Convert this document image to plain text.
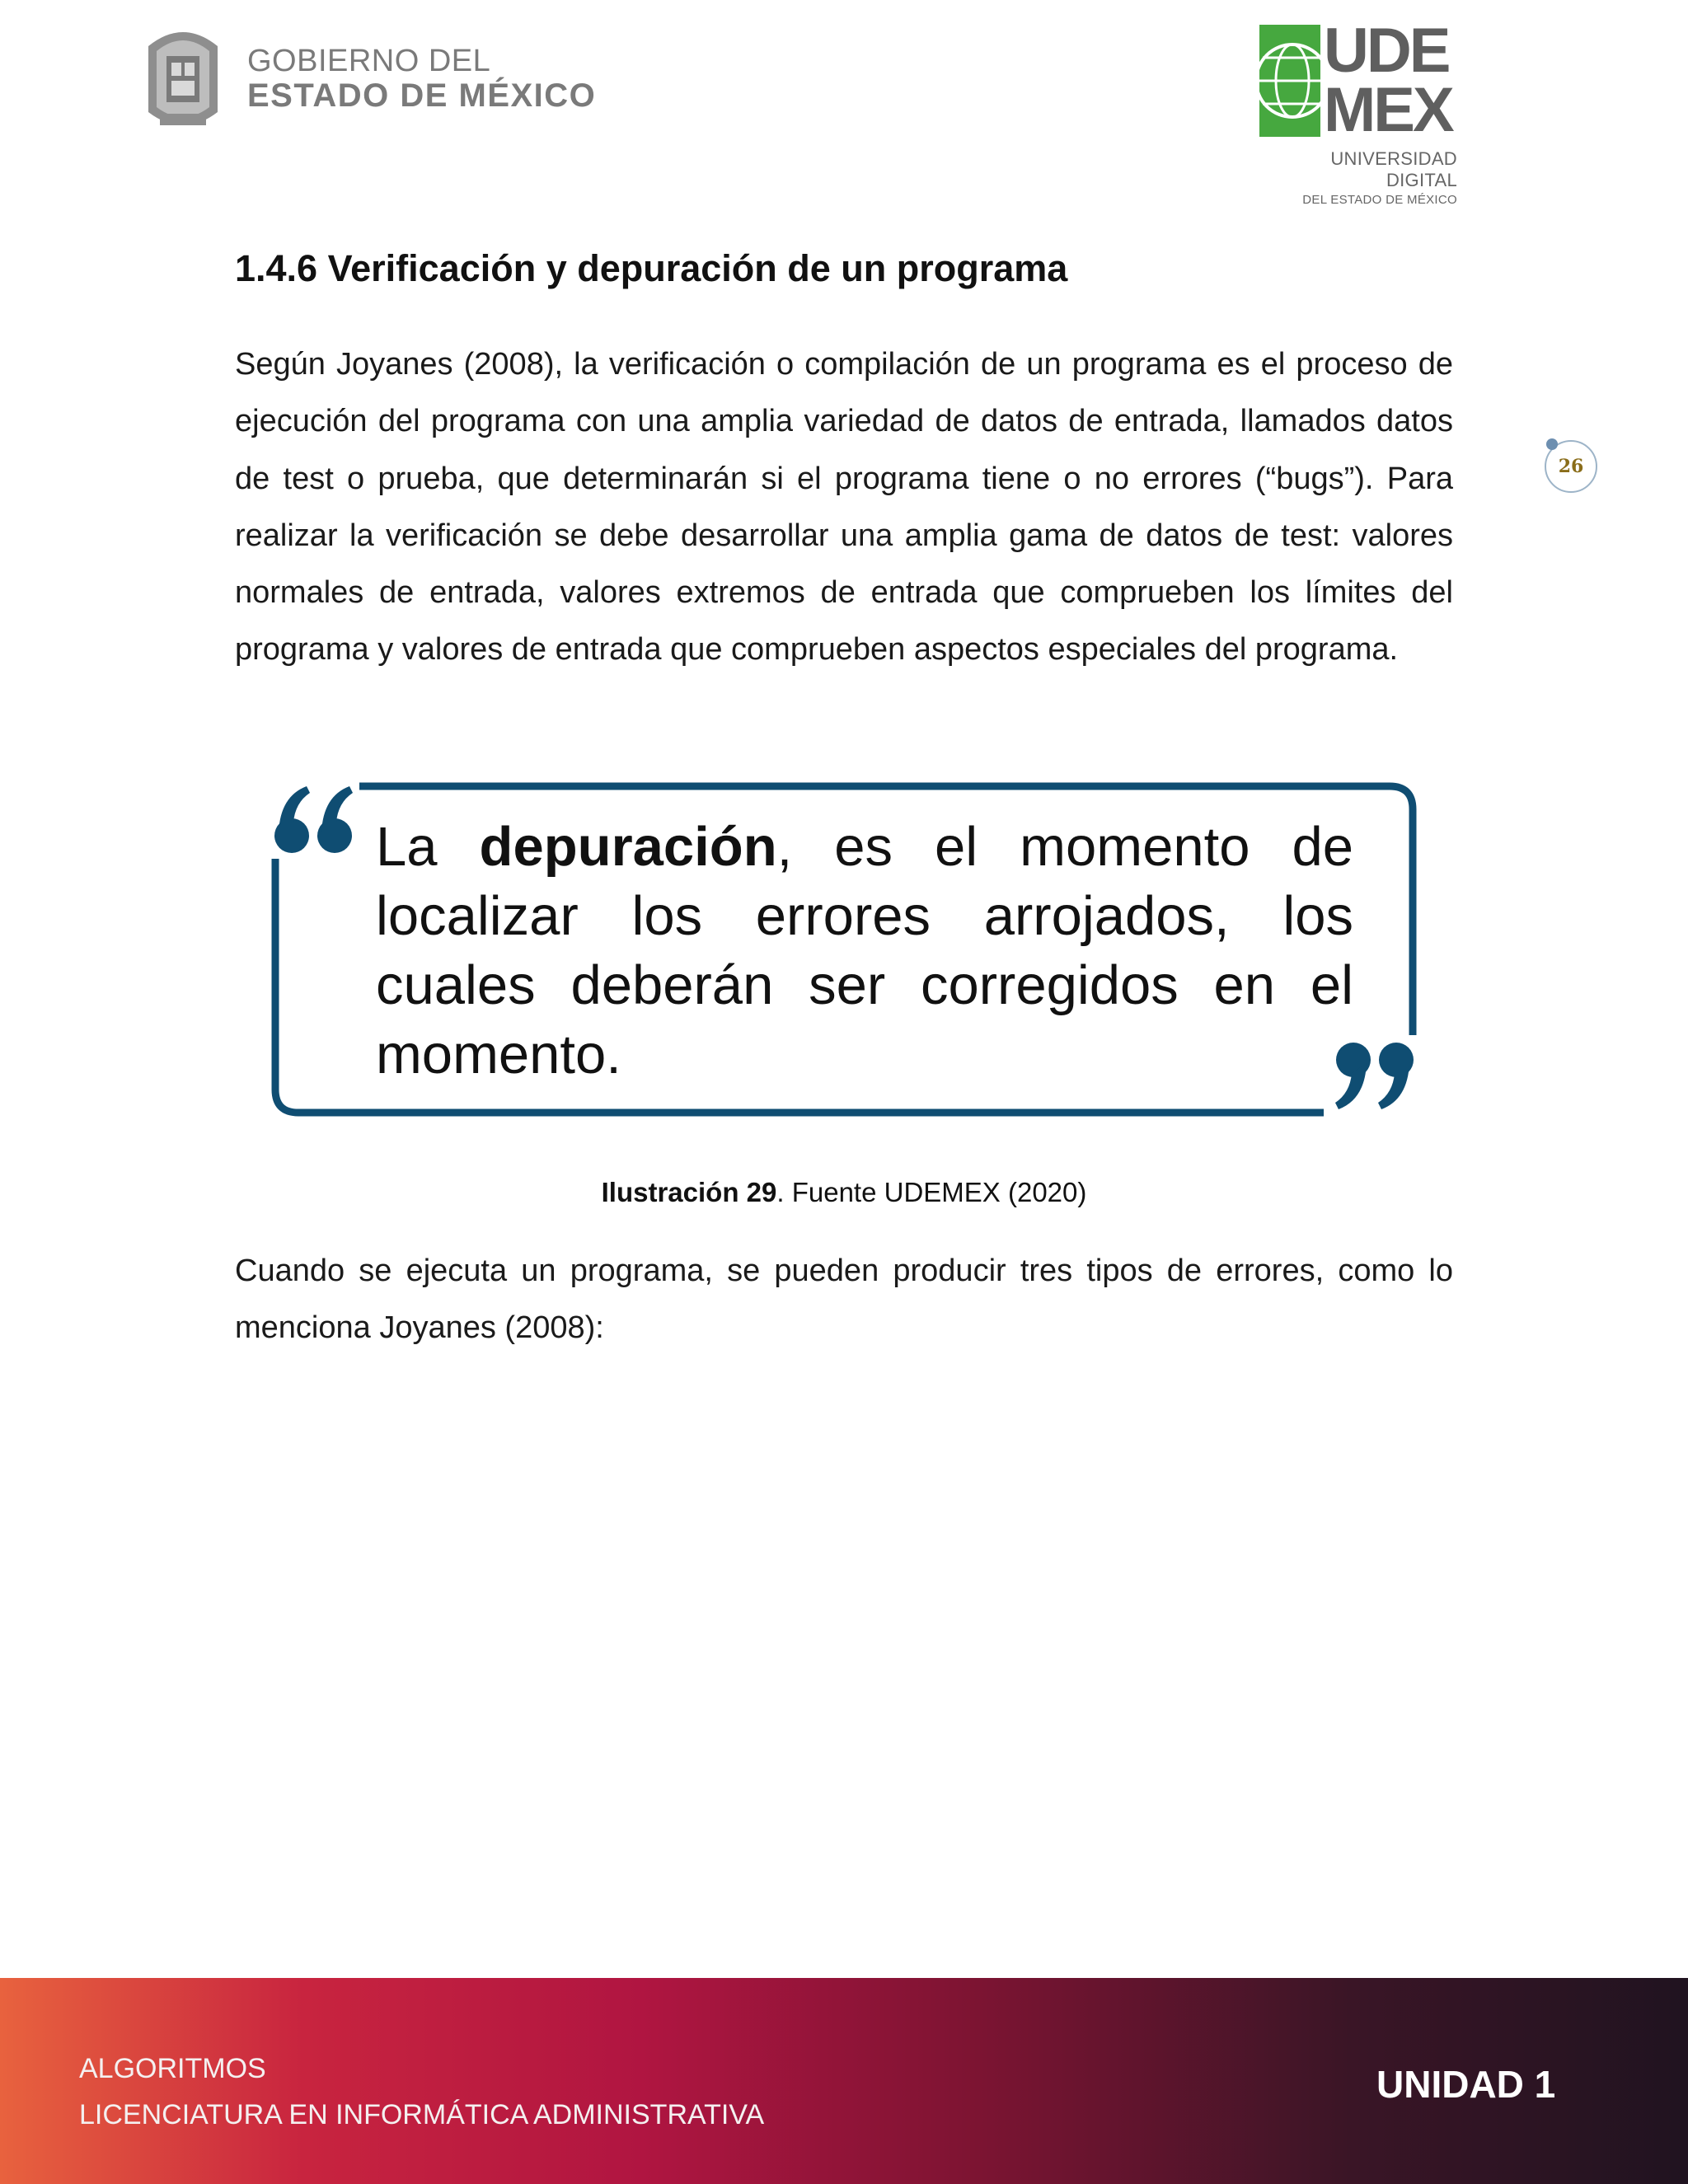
GOBIERNO DEL
ESTADO DE MÉXICO
UDE
MEX
UNIVERSIDAD DIGITAL
DEL ESTADO DE MÉXICO
26
1.4.6 Verificación y depuración de un programa

Según Joyanes (2008), la verificación o compilación de un programa es el proceso de ejecución del programa con una amplia variedad de datos de entrada, llamados datos de test o prueba, que determinarán si el programa tiene o no errores (“bugs”). Para realizar la verificación se debe desarrollar una amplia gama de datos de test: valores normales de entrada, valores extremos de entrada que comprueben los límites del programa y valores de entrada que comprueben aspectos especiales del programa.

La depuración, es el momento de localizar los errores arrojados, los cuales deberán ser corregidos en el momento.
Ilustración 29. Fuente UDEMEX (2020)

Cuando se ejecuta un programa, se pueden producir tres tipos de errores, como lo menciona Joyanes (2008):

ALGORITMOS
LICENCIATURA EN INFORMÁTICA ADMINISTRATIVA
UNIDAD 1
